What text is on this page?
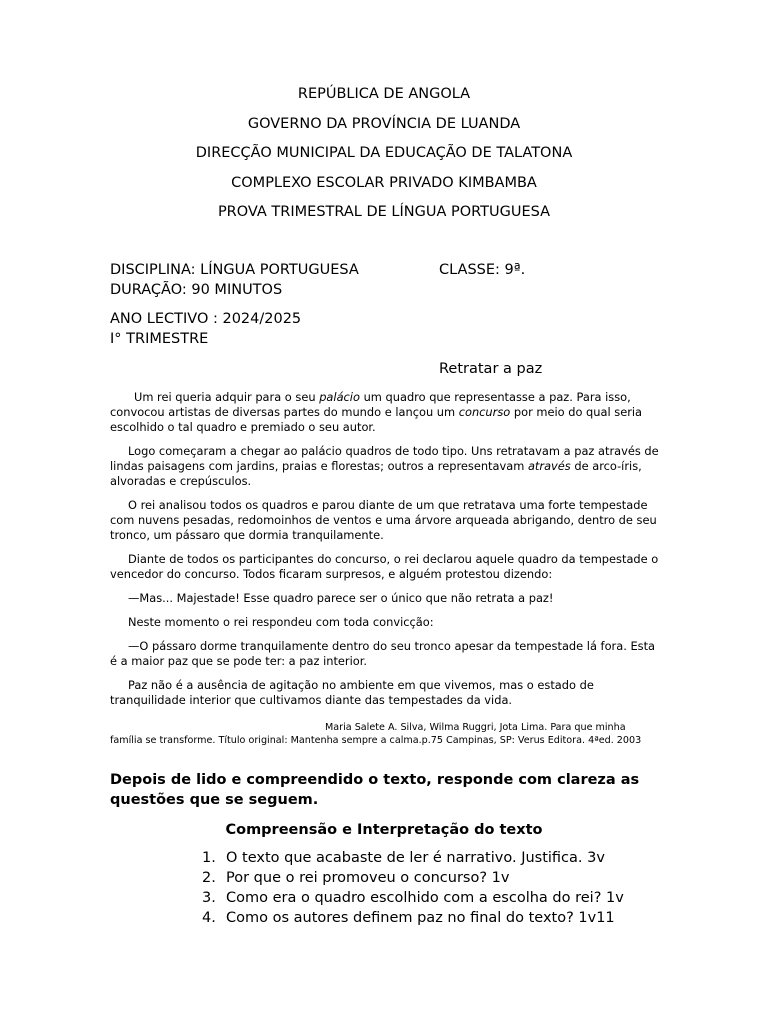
REPÚBLICA DE ANGOLA
GOVERNO DA PROVÍNCIA DE LUANDA
DIRECÇÃO MUNICIPAL DA EDUCAÇÃO DE TALATONA
COMPLEXO ESCOLAR PRIVADO KIMBAMBA
PROVA TRIMESTRAL DE LÍNGUA PORTUGUESA
DISCIPLINA: LÍNGUA PORTUGUESA	CLASSE: 9ª.
DURAÇÃO: 90 MINUTOS
ANO LECTIVO : 2024/2025
I° TRIMESTRE
Retratar a paz

Um rei queria adquir para o seu palácio um quadro que representasse a paz. Para isso, convocou artistas de diversas partes do mundo e lançou um concurso por meio do qual seria escolhido o tal quadro e premiado o seu autor.

Logo começaram a chegar ao palácio quadros de todo tipo. Uns retratavam a paz através de lindas paisagens com jardins, praias e florestas; outros a representavam através de arco-íris, alvoradas e crepúsculos.

O rei analisou todos os quadros e parou diante de um que retratava uma forte tempestade com nuvens pesadas, redomoinhos de ventos e uma árvore arqueada abrigando, dentro de seu tronco, um pássaro que dormia tranquilamente.

Diante de todos os participantes do concurso, o rei declarou aquele quadro da tempestade o vencedor do concurso. Todos ficaram surpresos, e alguém protestou dizendo:

—Mas... Majestade! Esse quadro parece ser o único que não retrata a paz!

Neste momento o rei respondeu com toda convicção:

—O pássaro dorme tranquilamente dentro do seu tronco apesar da tempestade lá fora. Esta é a maior paz que se pode ter: a paz interior.

Paz não é a ausência de agitação no ambiente em que vivemos, mas o estado de tranquilidade interior que cultivamos diante das tempestades da vida.

Maria Salete A. Silva, Wilma Ruggri, Jota Lima. Para que minha
família se transforme. Título original: Mantenha sempre a calma.p.75 Campinas, SP: Verus Editora. 4ªed. 2003
Depois de lido e compreendido o texto, responde com clareza as questões que se seguem.
Compreensão e Interpretação do texto
1. O texto que acabaste de ler é narrativo. Justifica. 3v
2. Por que o rei promoveu o concurso? 1v
3. Como era o quadro escolhido com a escolha do rei? 1v
4. Como os autores definem paz no final do texto? 1v11
